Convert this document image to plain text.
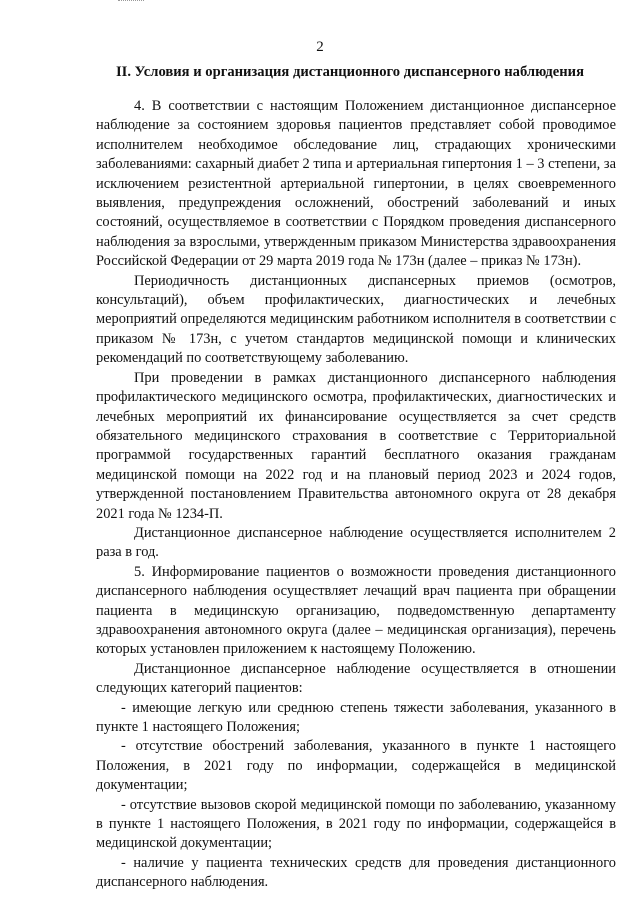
2
II. Условия и организация дистанционного диспансерного наблюдения

4. В соответствии с настоящим Положением дистанционное диспансерное наблюдение за состоянием здоровья пациентов представляет собой проводимое исполнителем необходимое обследование лиц, страдающих хроническими заболеваниями: сахарный диабет 2 типа и артериальная гипертония 1 – 3 степени, за исключением резистентной артериальной гипертонии, в целях своевременного выявления, предупреждения осложнений, обострений заболеваний и иных состояний, осуществляемое в соответствии с Порядком проведения диспансерного наблюдения за взрослыми, утвержденным приказом Министерства здравоохранения Российской Федерации от 29 марта 2019 года № 173н (далее – приказ № 173н).

Периодичность дистанционных диспансерных приемов (осмотров, консультаций), объем профилактических, диагностических и лечебных мероприятий определяются медицинским работником исполнителя в соответствии с приказом № 173н, с учетом стандартов медицинской помощи и клинических рекомендаций по соответствующему заболеванию.

При проведении в рамках дистанционного диспансерного наблюдения профилактического медицинского осмотра, профилактических, диагностических и лечебных мероприятий их финансирование осуществляется за счет средств обязательного медицинского страхования в соответствие с Территориальной программой государственных гарантий бесплатного оказания гражданам медицинской помощи на 2022 год и на плановый период 2023 и 2024 годов, утвержденной постановлением Правительства автономного округа от 28 декабря 2021 года № 1234-П.

Дистанционное диспансерное наблюдение осуществляется исполнителем 2 раза в год.

5. Информирование пациентов о возможности проведения дистанционного диспансерного наблюдения осуществляет лечащий врач пациента при обращении пациента в медицинскую организацию, подведомственную департаменту здравоохранения автономного округа (далее – медицинская организация), перечень которых установлен приложением к настоящему Положению.

Дистанционное диспансерное наблюдение осуществляется в отношении следующих категорий пациентов:

- имеющие легкую или среднюю степень тяжести заболевания, указанного в пункте 1 настоящего Положения;

- отсутствие обострений заболевания, указанного в пункте 1 настоящего Положения, в 2021 году по информации, содержащейся в медицинской документации;

- отсутствие вызовов скорой медицинской помощи по заболеванию, указанному в пункте 1 настоящего Положения, в 2021 году по информации, содержащейся в медицинской документации;

- наличие у пациента технических средств для проведения дистанционного диспансерного наблюдения.
